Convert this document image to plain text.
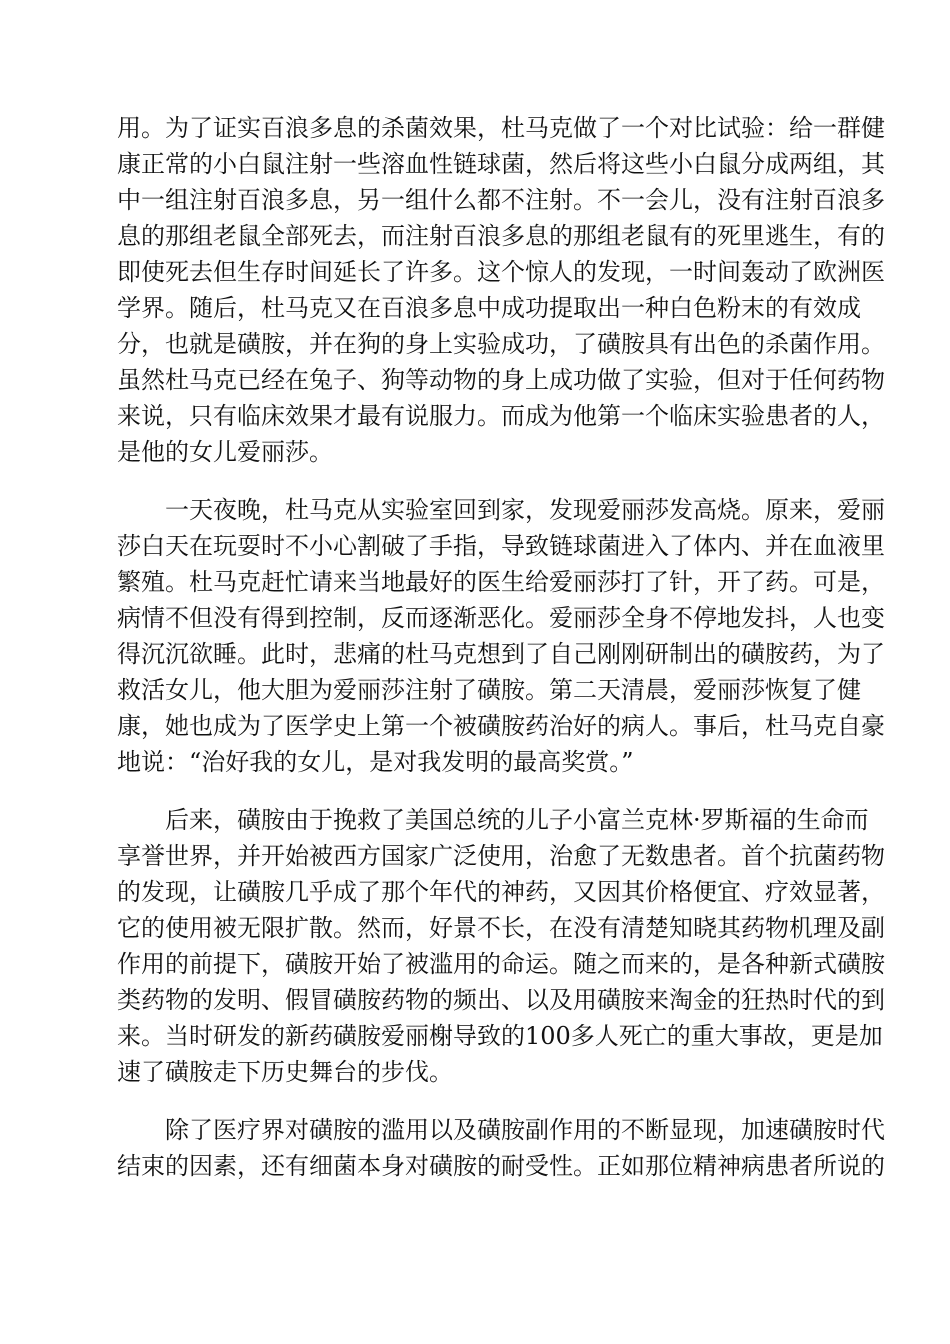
用。为了证实百浪多息的杀菌效果，杜马克做了一个对比试验：给一群健
康正常的小白鼠注射一些溶血性链球菌，然后将这些小白鼠分成两组，其
中一组注射百浪多息，另一组什么都不注射。不一会儿，没有注射百浪多
息的那组老鼠全部死去，而注射百浪多息的那组老鼠有的死里逃生，有的
即使死去但生存时间延长了许多。这个惊人的发现，一时间轰动了欧洲医
学界。随后，杜马克又在百浪多息中成功提取出一种白色粉末的有效成
分，也就是磺胺，并在狗的身上实验成功，了磺胺具有出色的杀菌作用。
虽然杜马克已经在兔子、狗等动物的身上成功做了实验，但对于任何药物
来说，只有临床效果才最有说服力。而成为他第一个临床实验患者的人，
是他的女儿爱丽莎。
一天夜晚，杜马克从实验室回到家，发现爱丽莎发高烧。原来，爱丽
莎白天在玩耍时不小心割破了手指，导致链球菌进入了体内、并在血液里
繁殖。杜马克赶忙请来当地最好的医生给爱丽莎打了针，开了药。可是，
病情不但没有得到控制，反而逐渐恶化。爱丽莎全身不停地发抖，人也变
得沉沉欲睡。此时，悲痛的杜马克想到了自己刚刚研制出的磺胺药，为了
救活女儿，他大胆为爱丽莎注射了磺胺。第二天清晨，爱丽莎恢复了健
康，她也成为了医学史上第一个被磺胺药治好的病人。事后，杜马克自豪
地说：“治好我的女儿，是对我发明的最高奖赏。”
后来，磺胺由于挽救了美国总统的儿子小富兰克林·罗斯福的生命而
享誉世界，并开始被西方国家广泛使用，治愈了无数患者。首个抗菌药物
的发现，让磺胺几乎成了那个年代的神药，又因其价格便宜、疗效显著，
它的使用被无限扩散。然而，好景不长，在没有清楚知晓其药物机理及副
作用的前提下，磺胺开始了被滥用的命运。随之而来的，是各种新式磺胺
类药物的发明、假冒磺胺药物的频出、以及用磺胺来淘金的狂热时代的到
来。当时研发的新药磺胺爱丽榭导致的100多人死亡的重大事故，更是加
速了磺胺走下历史舞台的步伐。
除了医疗界对磺胺的滥用以及磺胺副作用的不断显现，加速磺胺时代
结束的因素，还有细菌本身对磺胺的耐受性。正如那位精神病患者所说的
